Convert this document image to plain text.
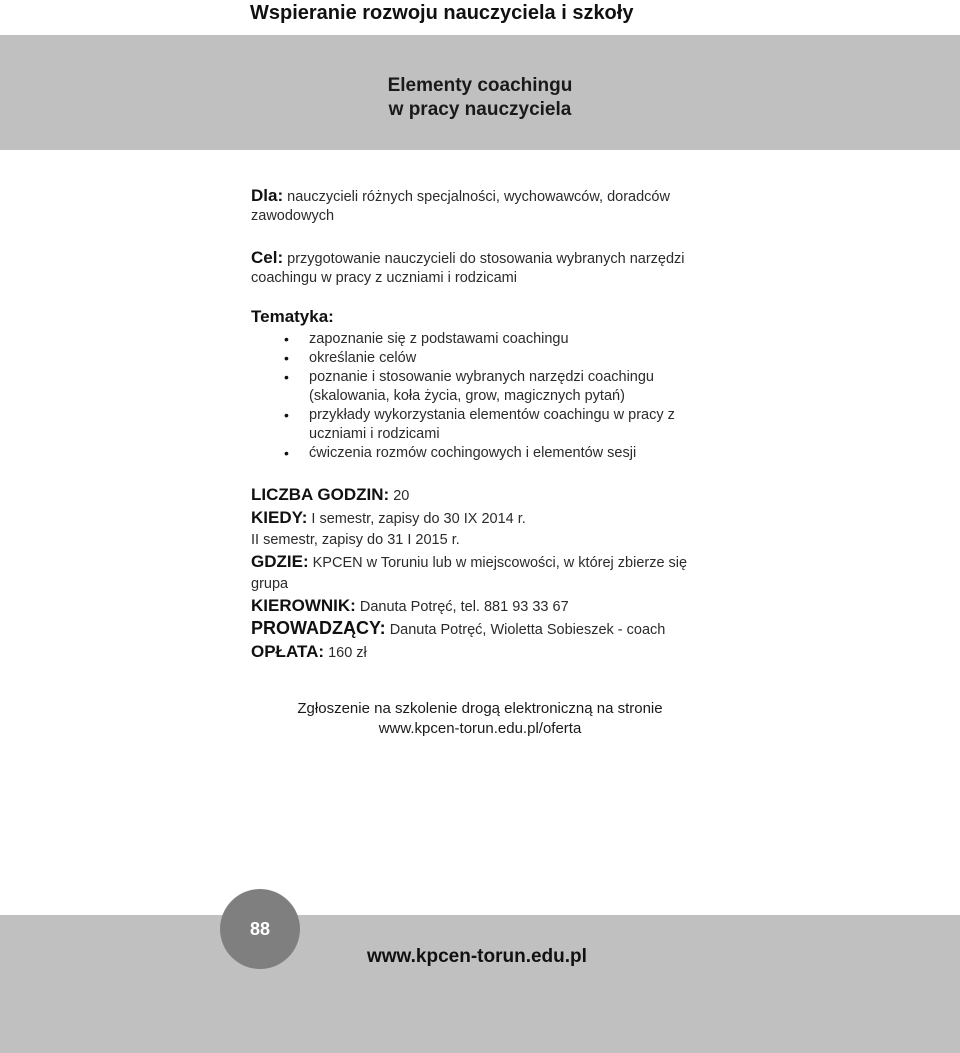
Wspieranie rozwoju nauczyciela i szkoły
Elementy coachingu
w pracy nauczyciela

Dla: nauczycieli różnych specjalności, wychowawców, doradców zawodowych

Cel: przygotowanie nauczycieli do stosowania wybranych narzędzi coachingu w pracy z uczniami i rodzicami

Tematyka:
• zapoznanie się z podstawami coachingu
• określanie celów
• poznanie i stosowanie wybranych narzędzi coachingu (skalowania, koła życia, grow, magicznych pytań)
• przykłady wykorzystania elementów coachingu w pracy z uczniami i rodzicami
• ćwiczenia rozmów cochingowych i elementów sesji

LICZBA GODZIN: 20

KIEDY: I semestr, zapisy do 30 IX 2014 r.

II semestr, zapisy do 31 I 2015 r.

GDZIE: KPCEN w Toruniu lub w miejscowości, w której zbierze się grupa

KIEROWNIK: Danuta Potręć, tel. 881 93 33 67

PROWADZĄCY: Danuta Potręć, Wioletta Sobieszek - coach

OPŁATA: 160 zł

Zgłoszenie na szkolenie drogą elektroniczną na stronie
www.kpcen-torun.edu.pl/oferta

88

www.kpcen-torun.edu.pl
